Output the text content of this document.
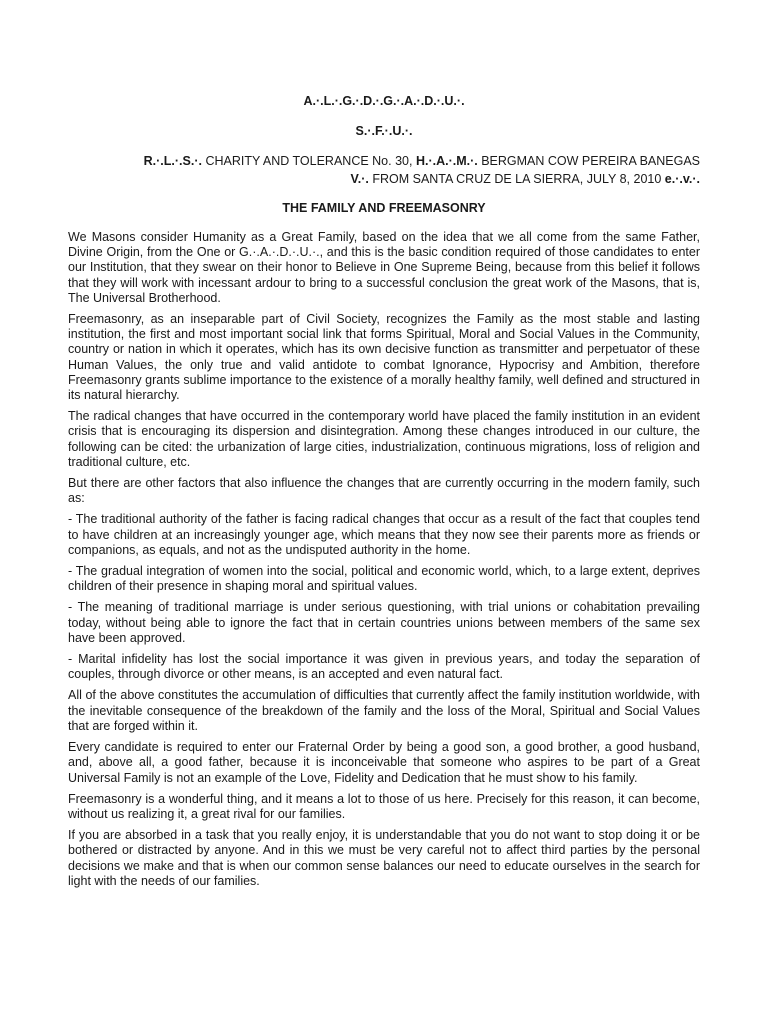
A.·.L.·.G.·.D.·.G.·.A.·.D.·.U.·.

S.·.F.·.U.·.

R.·.L.·.S.·. CHARITY AND TOLERANCE No. 30, H.·.A.·.M.·. BERGMAN COW PEREIRA BANEGAS
V.·. FROM SANTA CRUZ DE LA SIERRA, JULY 8, 2010 e.·.v.·.

THE FAMILY AND FREEMASONRY

We Masons consider Humanity as a Great Family, based on the idea that we all come from the same Father, Divine Origin, from the One or G.·.A.·.D.·.U.·., and this is the basic condition required of those candidates to enter our Institution, that they swear on their honor to Believe in One Supreme Being, because from this belief it follows that they will work with incessant ardour to bring to a successful conclusion the great work of the Masons, that is, The Universal Brotherhood.

Freemasonry, as an inseparable part of Civil Society, recognizes the Family as the most stable and lasting institution, the first and most important social link that forms Spiritual, Moral and Social Values in the Community, country or nation in which it operates, which has its own decisive function as transmitter and perpetuator of these Human Values, the only true and valid antidote to combat Ignorance, Hypocrisy and Ambition, therefore Freemasonry grants sublime importance to the existence of a morally healthy family, well defined and structured in its natural hierarchy.

The radical changes that have occurred in the contemporary world have placed the family institution in an evident crisis that is encouraging its dispersion and disintegration. Among these changes introduced in our culture, the following can be cited: the urbanization of large cities, industrialization, continuous migrations, loss of religion and traditional culture, etc.

But there are other factors that also influence the changes that are currently occurring in the modern family, such as:

- The traditional authority of the father is facing radical changes that occur as a result of the fact that couples tend to have children at an increasingly younger age, which means that they now see their parents more as friends or companions, as equals, and not as the undisputed authority in the home.

- The gradual integration of women into the social, political and economic world, which, to a large extent, deprives children of their presence in shaping moral and spiritual values.

- The meaning of traditional marriage is under serious questioning, with trial unions or cohabitation prevailing today, without being able to ignore the fact that in certain countries unions between members of the same sex have been approved.

- Marital infidelity has lost the social importance it was given in previous years, and today the separation of couples, through divorce or other means, is an accepted and even natural fact.

All of the above constitutes the accumulation of difficulties that currently affect the family institution worldwide, with the inevitable consequence of the breakdown of the family and the loss of the Moral, Spiritual and Social Values that are forged within it.

Every candidate is required to enter our Fraternal Order by being a good son, a good brother, a good husband, and, above all, a good father, because it is inconceivable that someone who aspires to be part of a Great Universal Family is not an example of the Love, Fidelity and Dedication that he must show to his family.

Freemasonry is a wonderful thing, and it means a lot to those of us here. Precisely for this reason, it can become, without us realizing it, a great rival for our families.

If you are absorbed in a task that you really enjoy, it is understandable that you do not want to stop doing it or be bothered or distracted by anyone. And in this we must be very careful not to affect third parties by the personal decisions we make and that is when our common sense balances our need to educate ourselves in the search for light with the needs of our families.
